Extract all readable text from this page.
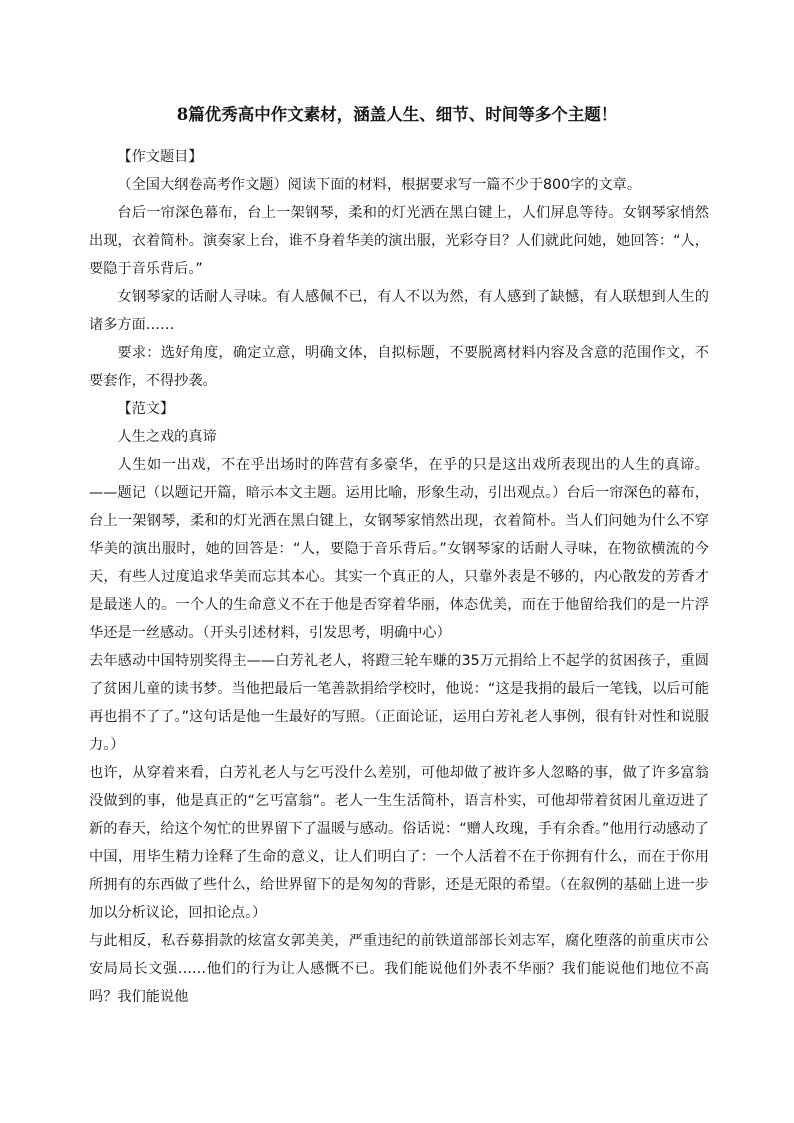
8篇优秀高中作文素材，涵盖人生、细节、时间等多个主题！

【作文题目】

（全国大纲卷高考作文题）阅读下面的材料，根据要求写一篇不少于800字的文章。

台后一帘深色幕布，台上一架钢琴，柔和的灯光洒在黑白键上，人们屏息等待。女钢琴家悄然出现，衣着简朴。演奏家上台，谁不身着华美的演出服，光彩夺目？人们就此问她，她回答：“人，要隐于音乐背后。”

女钢琴家的话耐人寻味。有人感佩不已，有人不以为然，有人感到了缺憾，有人联想到人生的诸多方面……

要求：选好角度，确定立意，明确文体，自拟标题，不要脱离材料内容及含意的范围作文，不要套作，不得抄袭。

【范文】

人生之戏的真谛

人生如一出戏，不在乎出场时的阵营有多豪华，在乎的只是这出戏所表现出的人生的真谛。——题记（以题记开篇，暗示本文主题。运用比喻，形象生动，引出观点。）台后一帘深色的幕布，台上一架钢琴，柔和的灯光洒在黑白键上，女钢琴家悄然出现，衣着简朴。当人们问她为什么不穿华美的演出服时，她的回答是：“人，要隐于音乐背后。”女钢琴家的话耐人寻味，在物欲横流的今天，有些人过度追求华美而忘其本心。其实一个真正的人，只靠外表是不够的，内心散发的芳香才是最迷人的。一个人的生命意义不在于他是否穿着华丽，体态优美，而在于他留给我们的是一片浮华还是一丝感动。（开头引述材料，引发思考，明确中心）

去年感动中国特别奖得主——白芳礼老人，将蹬三轮车赚的35万元捐给上不起学的贫困孩子，重圆了贫困儿童的读书梦。当他把最后一笔善款捐给学校时，他说：“这是我捐的最后一笔钱，以后可能再也捐不了了。”这句话是他一生最好的写照。（正面论证，运用白芳礼老人事例，很有针对性和说服力。）

也许，从穿着来看，白芳礼老人与乞丐没什么差别，可他却做了被许多人忽略的事，做了许多富翁没做到的事，他是真正的“乞丐富翁”。老人一生生活简朴，语言朴实，可他却带着贫困儿童迈进了新的春天，给这个匆忙的世界留下了温暖与感动。俗话说：“赠人玫瑰，手有余香。”他用行动感动了中国，用毕生精力诠释了生命的意义，让人们明白了：一个人活着不在于你拥有什么，而在于你用所拥有的东西做了些什么，给世界留下的是匆匆的背影，还是无限的希望。（在叙例的基础上进一步加以分析议论，回扣论点。）

与此相反，私吞募捐款的炫富女郭美美，严重违纪的前铁道部部长刘志军，腐化堕落的前重庆市公安局局长文强……他们的行为让人感慨不已。我们能说他们外表不华丽？我们能说他们地位不高吗？我们能说他
